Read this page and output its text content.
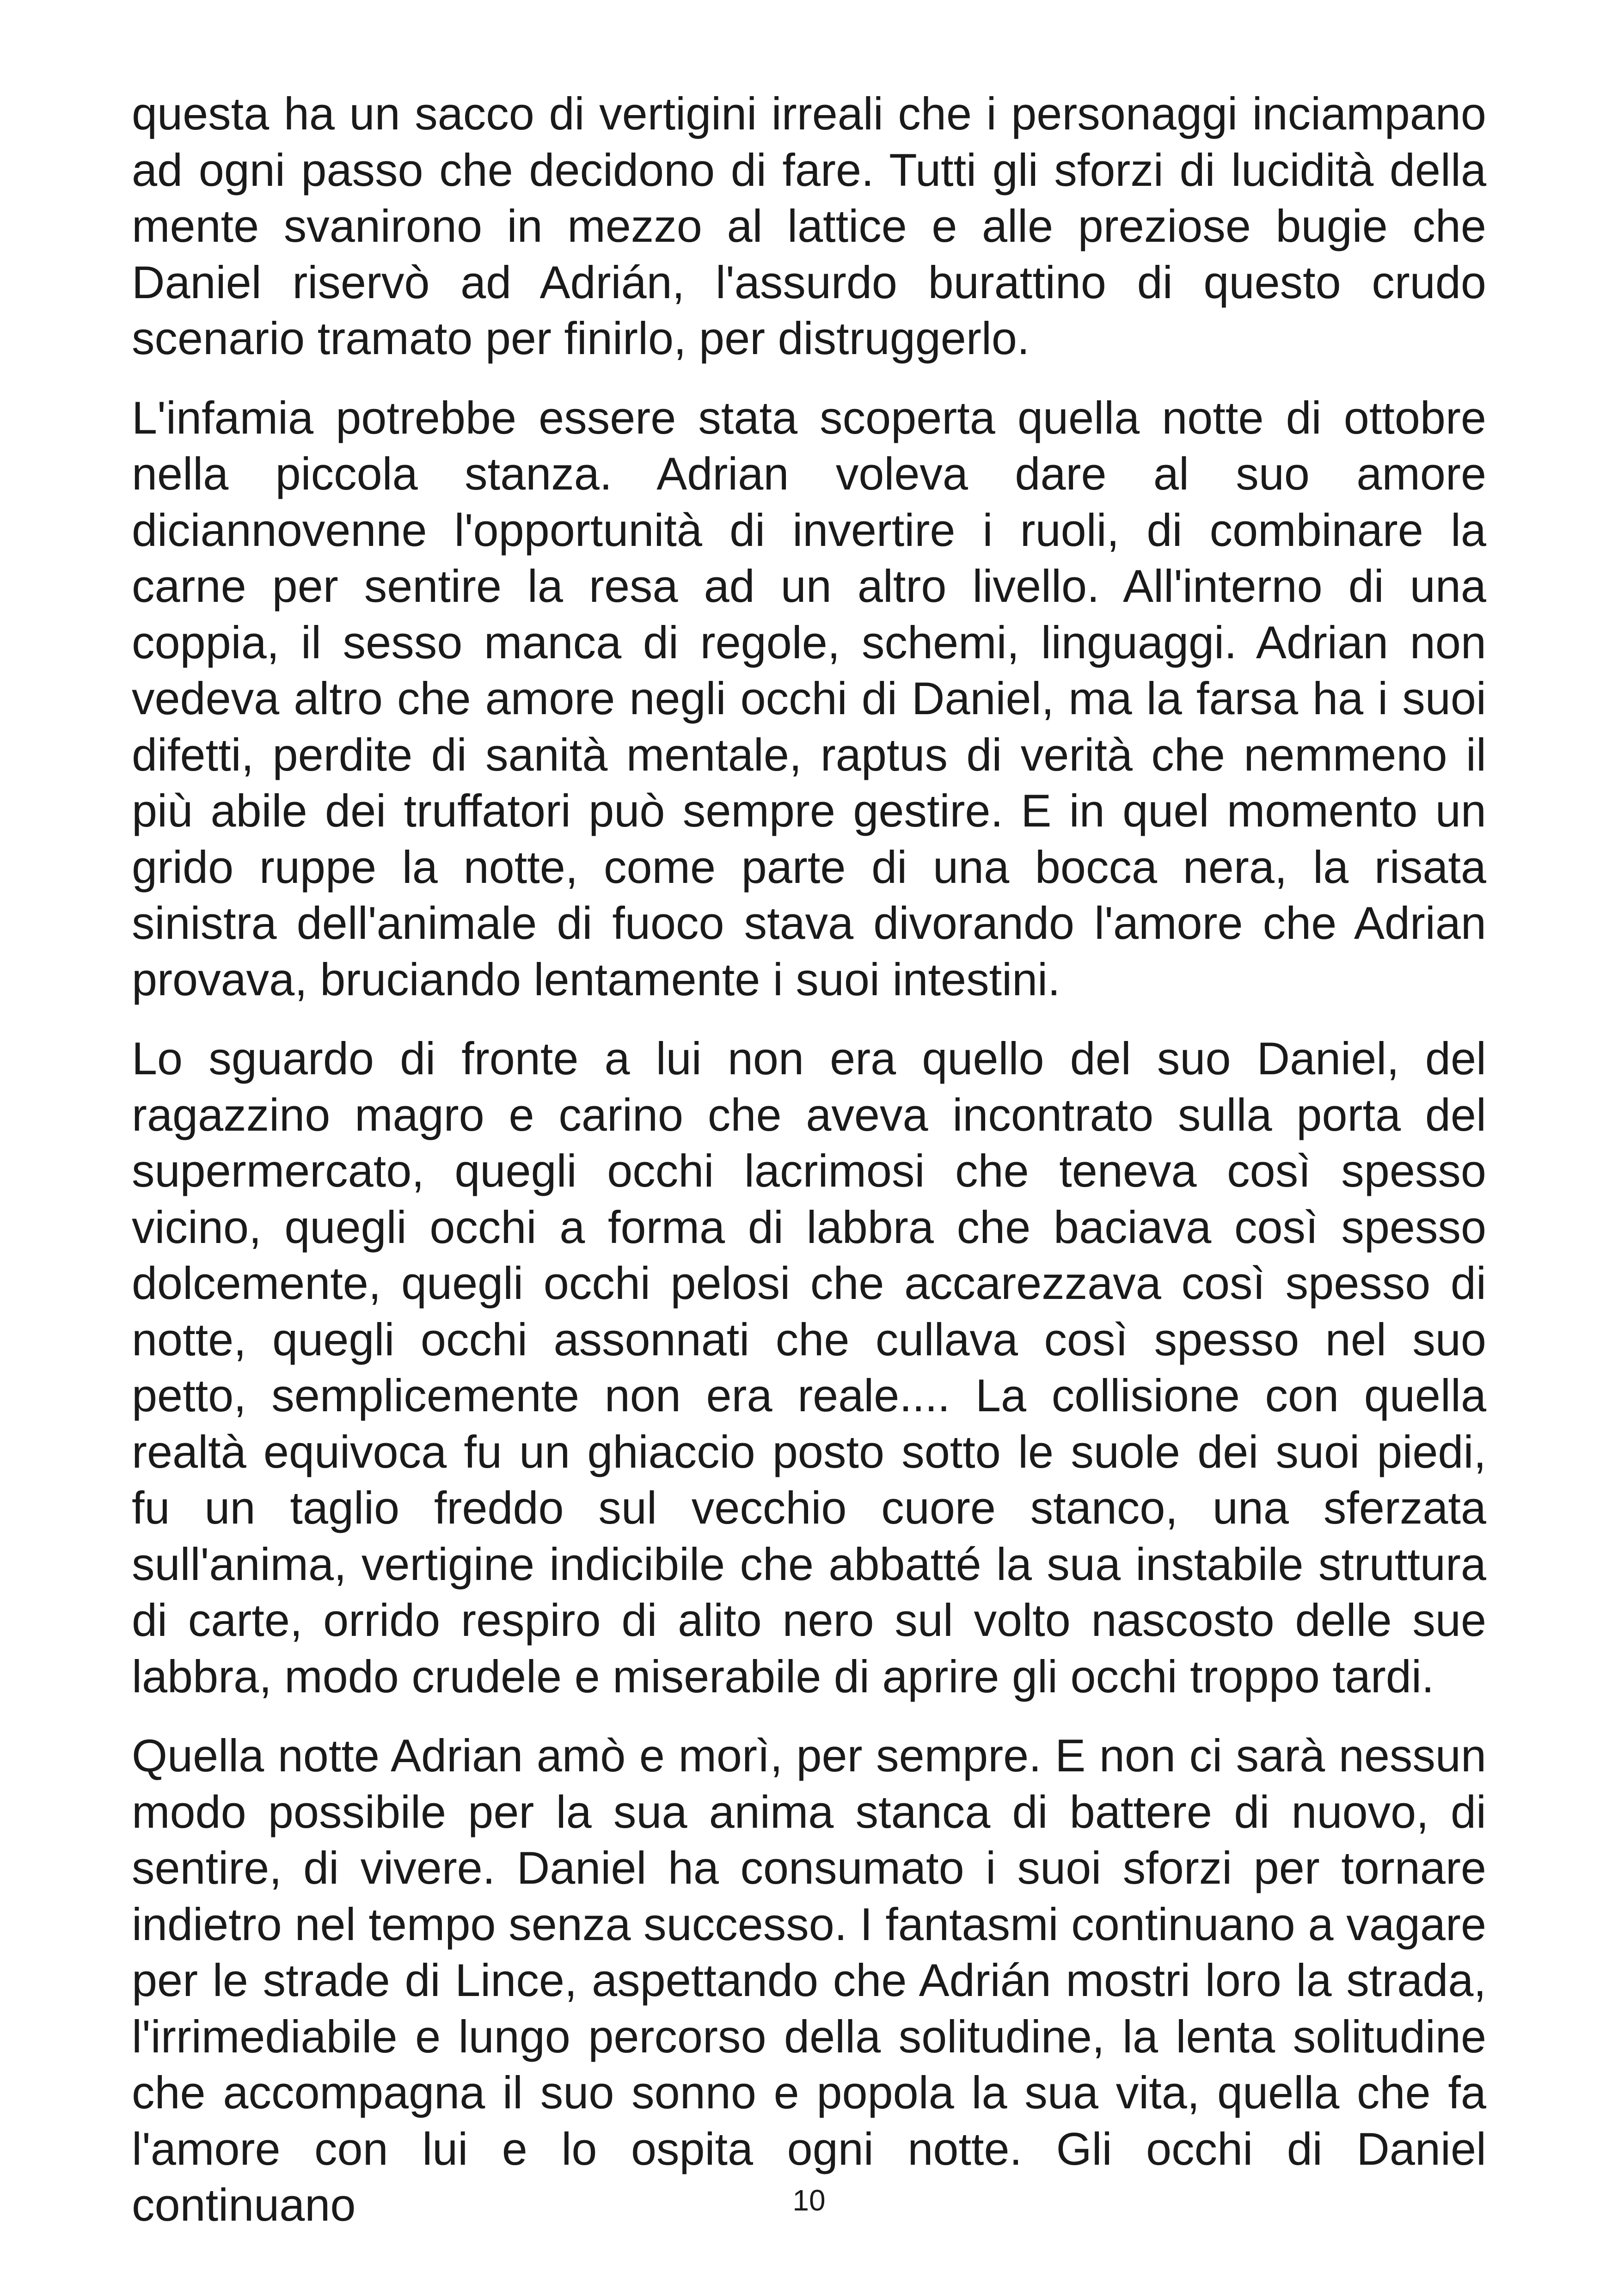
questa ha un sacco di vertigini irreali che i personaggi inciampano ad ogni passo che decidono di fare. Tutti gli sforzi di lucidità della mente svanirono in mezzo al lattice e alle preziose bugie che Daniel riservò ad Adrián, l'assurdo burattino di questo crudo scenario tramato per finirlo, per distruggerlo.

L'infamia potrebbe essere stata scoperta quella notte di ottobre nella piccola stanza. Adrian voleva dare al suo amore diciannovenne l'opportunità di invertire i ruoli, di combinare la carne per sentire la resa ad un altro livello. All'interno di una coppia, il sesso manca di regole, schemi, linguaggi. Adrian non vedeva altro che amore negli occhi di Daniel, ma la farsa ha i suoi difetti, perdite di sanità mentale, raptus di verità che nemmeno il più abile dei truffatori può sempre gestire. E in quel momento un grido ruppe la notte, come parte di una bocca nera, la risata sinistra dell'animale di fuoco stava divorando l'amore che Adrian provava, bruciando lentamente i suoi intestini.

Lo sguardo di fronte a lui non era quello del suo Daniel, del ragazzino magro e carino che aveva incontrato sulla porta del supermercato, quegli occhi lacrimosi che teneva così spesso vicino, quegli occhi a forma di labbra che baciava così spesso dolcemente, quegli occhi pelosi che accarezzava così spesso di notte, quegli occhi assonnati che cullava così spesso nel suo petto, semplicemente non era reale.... La collisione con quella realtà equivoca fu un ghiaccio posto sotto le suole dei suoi piedi, fu un taglio freddo sul vecchio cuore stanco, una sferzata sull'anima, vertigine indicibile che abbatté la sua instabile struttura di carte, orrido respiro di alito nero sul volto nascosto delle sue labbra, modo crudele e miserabile di aprire gli occhi troppo tardi.

Quella notte Adrian amò e morì, per sempre. E non ci sarà nessun modo possibile per la sua anima stanca di battere di nuovo, di sentire, di vivere. Daniel ha consumato i suoi sforzi per tornare indietro nel tempo senza successo. I fantasmi continuano a vagare per le strade di Lince, aspettando che Adrián mostri loro la strada, l'irrimediabile e lungo percorso della solitudine, la lenta solitudine che accompagna il suo sonno e popola la sua vita, quella che fa l'amore con lui e lo ospita ogni notte. Gli occhi di Daniel continuano	10
